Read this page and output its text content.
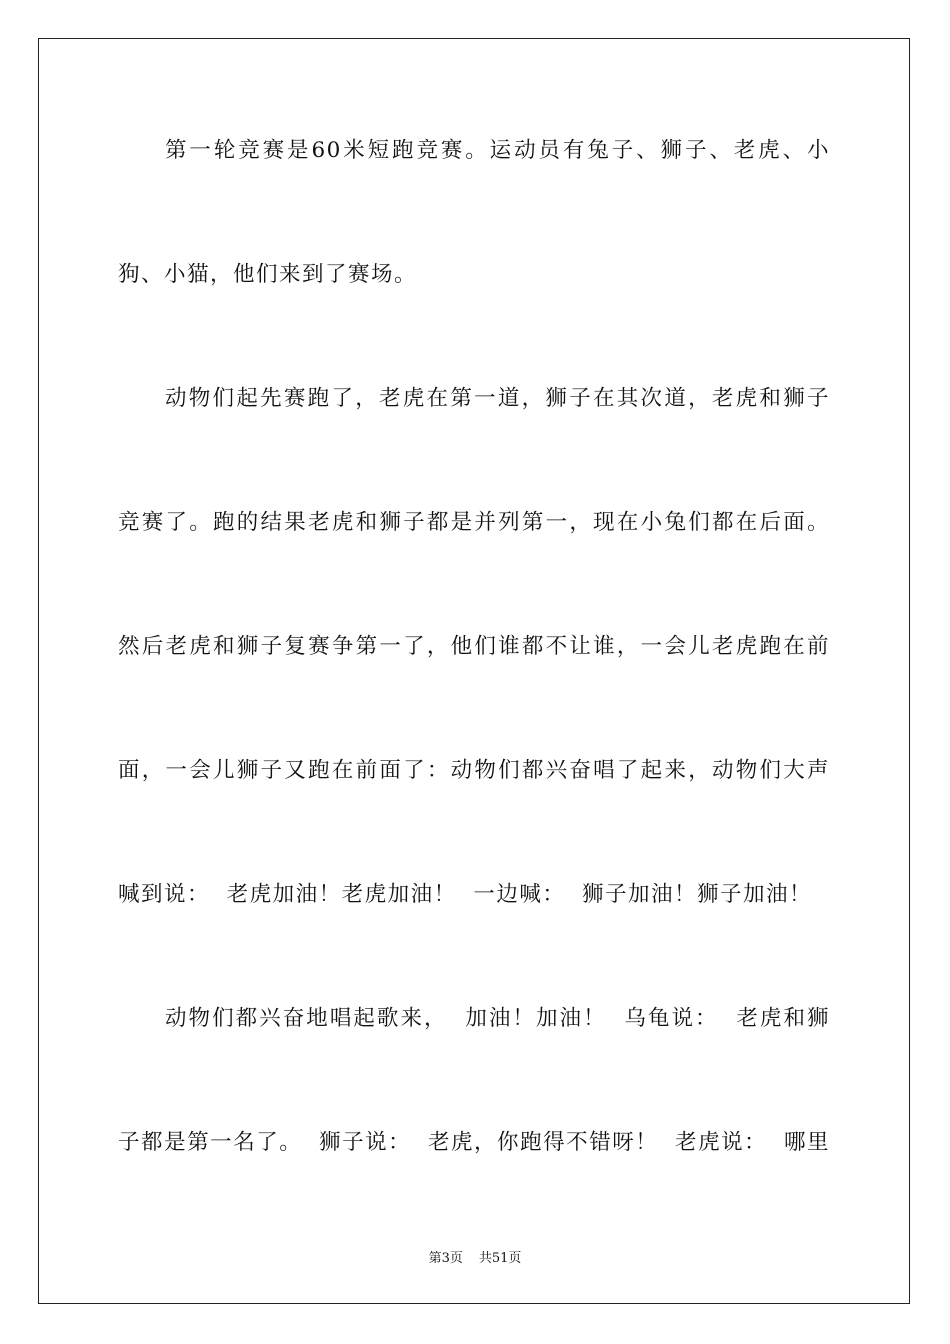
第一轮竞赛是60米短跑竞赛。运动员有兔子、狮子、老虎、小
狗、小猫，他们来到了赛场。
动物们起先赛跑了，老虎在第一道，狮子在其次道，老虎和狮子
竞赛了。跑的结果老虎和狮子都是并列第一，现在小兔们都在后面。
然后老虎和狮子复赛争第一了，他们谁都不让谁，一会儿老虎跑在前
面，一会儿狮子又跑在前面了：动物们都兴奋唱了起来，动物们大声
喊到说：  老虎加油！老虎加油！  一边喊：  狮子加油！狮子加油！
动物们都兴奋地唱起歌来，  加油！加油！  乌龟说：  老虎和狮
子都是第一名了。  狮子说：  老虎，你跑得不错呀！  老虎说：  哪里
第3页 共51页
